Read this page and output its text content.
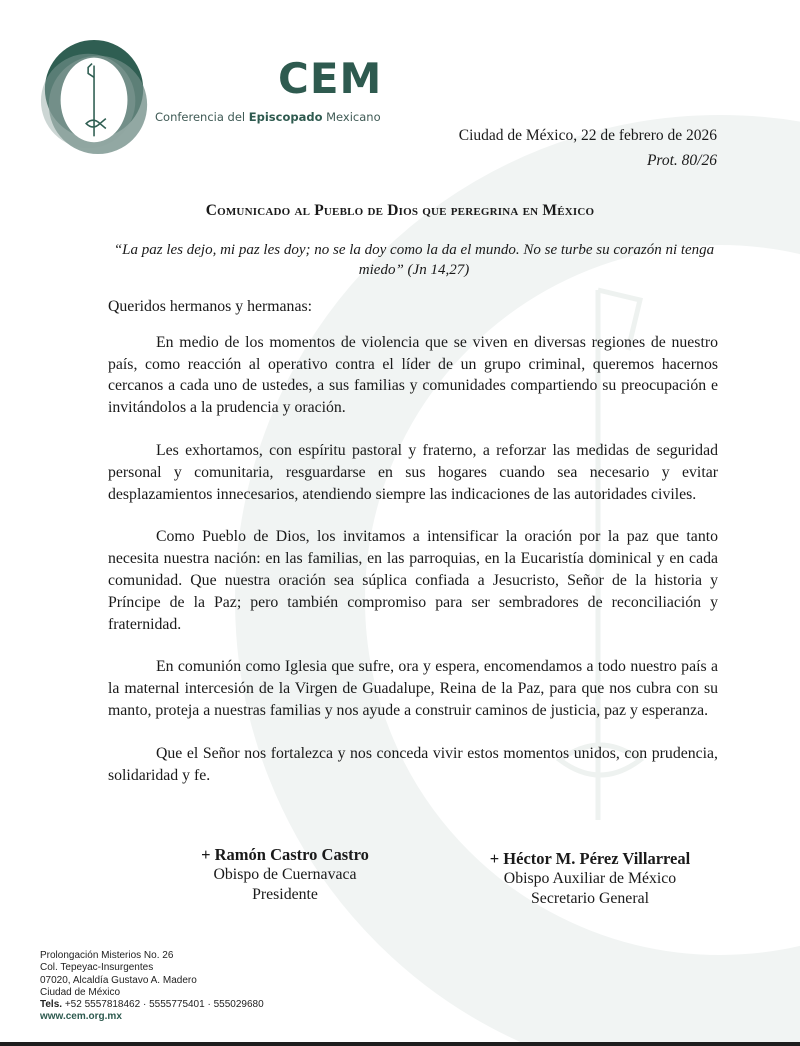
CEM
Conferencia del Episcopado Mexicano
Ciudad de México, 22 de febrero de 2026
Prot. 80/26
Comunicado al Pueblo de Dios que peregrina en México
“La paz les dejo, mi paz les doy; no se la doy como la da el mundo. No se turbe su corazón ni tenga miedo” (Jn 14,27)

Queridos hermanos y hermanas:

En medio de los momentos de violencia que se viven en diversas regiones de nuestro país, como reacción al operativo contra el líder de un grupo criminal, queremos hacernos cercanos a cada uno de ustedes, a sus familias y comunidades compartiendo su preocupación e invitándolos a la prudencia y oración.

Les exhortamos, con espíritu pastoral y fraterno, a reforzar las medidas de seguridad personal y comunitaria, resguardarse en sus hogares cuando sea necesario y evitar desplazamientos innecesarios, atendiendo siempre las indicaciones de las autoridades civiles.

Como Pueblo de Dios, los invitamos a intensificar la oración por la paz que tanto necesita nuestra nación: en las familias, en las parroquias, en la Eucaristía dominical y en cada comunidad. Que nuestra oración sea súplica confiada a Jesucristo, Señor de la historia y Príncipe de la Paz; pero también compromiso para ser sembradores de reconciliación y fraternidad.

En comunión como Iglesia que sufre, ora y espera, encomendamos a todo nuestro país a la maternal intercesión de la Virgen de Guadalupe, Reina de la Paz, para que nos cubra con su manto, proteja a nuestras familias y nos ayude a construir caminos de justicia, paz y esperanza.

Que el Señor nos fortalezca y nos conceda vivir estos momentos unidos, con prudencia, solidaridad y fe.

+ Ramón Castro Castro
Obispo de Cuernavaca
Presidente
+ Héctor M. Pérez Villarreal
Obispo Auxiliar de México
Secretario General
Prolongación Misterios No. 26
Col. Tepeyac-Insurgentes
07020, Alcaldía Gustavo A. Madero
Ciudad de México
Tels. +52 5557818462 · 5555775401 · 555029680
www.cem.org.mx
